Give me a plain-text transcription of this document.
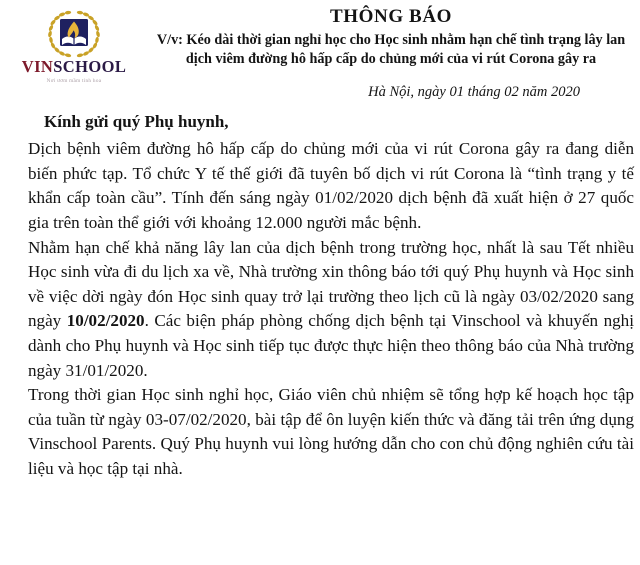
VINSCHOOL
Nơi ươm mầm tinh hoa
THÔNG BÁO
V/v: Kéo dài thời gian nghỉ học cho Học sinh nhằm hạn chế tình trạng lây lan
dịch viêm đường hô hấp cấp do chủng mới của vi rút Corona gây ra
Hà Nội, ngày 01 tháng 02 năm 2020
Kính gửi quý Phụ huynh,

Dịch bệnh viêm đường hô hấp cấp do chủng mới của vi rút Corona gây ra đang diễn biến phức tạp. Tổ chức Y tế thế giới đã tuyên bố dịch vi rút Corona là “tình trạng y tế khẩn cấp toàn cầu”. Tính đến sáng ngày 01/02/2020 dịch bệnh đã xuất hiện ở 27 quốc gia trên toàn thể giới với khoảng 12.000 người mắc bệnh.

Nhằm hạn chế khả năng lây lan của dịch bệnh trong trường học, nhất là sau Tết nhiều Học sinh vừa đi du lịch xa về, Nhà trường xin thông báo tới quý Phụ huynh và Học sinh về việc dời ngày đón Học sinh quay trở lại trường theo lịch cũ là ngày 03/02/2020 sang ngày 10/02/2020. Các biện pháp phòng chống dịch bệnh tại Vinschool và khuyến nghị dành cho Phụ huynh và Học sinh tiếp tục được thực hiện theo thông báo của Nhà trường ngày 31/01/2020.

Trong thời gian Học sinh nghỉ học, Giáo viên chủ nhiệm sẽ tổng hợp kế hoạch học tập của tuần từ ngày 03-07/02/2020, bài tập để ôn luyện kiến thức và đăng tải trên ứng dụng Vinschool Parents. Quý Phụ huynh vui lòng hướng dẫn cho con chủ động nghiên cứu tài liệu và học tập tại nhà.
